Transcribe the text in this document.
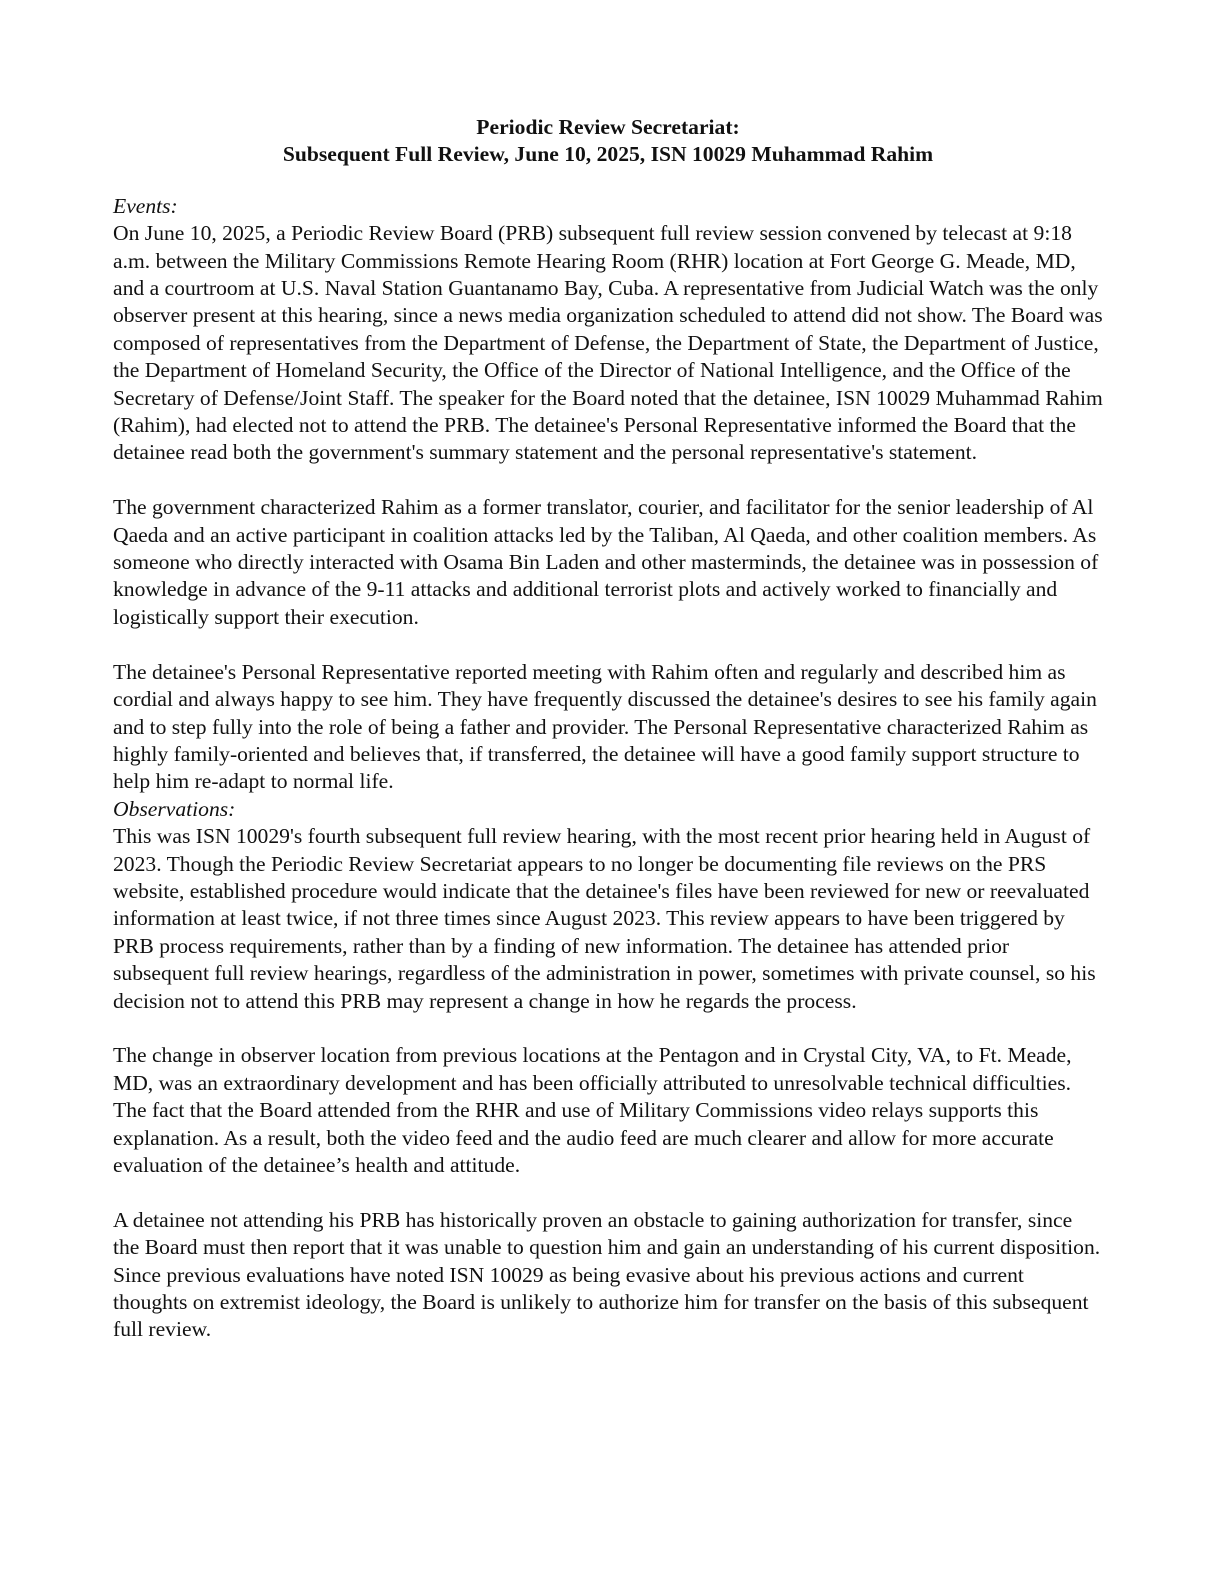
Periodic Review Secretariat:
Subsequent Full Review, June 10, 2025, ISN 10029 Muhammad Rahim
Events:

On June 10, 2025, a Periodic Review Board (PRB) subsequent full review session convened by telecast at 9:18 a.m. between the Military Commissions Remote Hearing Room (RHR) location at Fort George G. Meade, MD, and a courtroom at U.S. Naval Station Guantanamo Bay, Cuba. A representative from Judicial Watch was the only observer present at this hearing, since a news media organization scheduled to attend did not show. The Board was composed of representatives from the Department of Defense, the Department of State, the Department of Justice, the Department of Homeland Security, the Office of the Director of National Intelligence, and the Office of the Secretary of Defense/Joint Staff. The speaker for the Board noted that the detainee, ISN 10029 Muhammad Rahim (Rahim), had elected not to attend the PRB. The detainee's Personal Representative informed the Board that the detainee read both the government's summary statement and the personal representative's statement.

The government characterized Rahim as a former translator, courier, and facilitator for the senior leadership of Al Qaeda and an active participant in coalition attacks led by the Taliban, Al Qaeda, and other coalition members. As someone who directly interacted with Osama Bin Laden and other masterminds, the detainee was in possession of knowledge in advance of the 9-11 attacks and additional terrorist plots and actively worked to financially and logistically support their execution.

The detainee's Personal Representative reported meeting with Rahim often and regularly and described him as cordial and always happy to see him. They have frequently discussed the detainee's desires to see his family again and to step fully into the role of being a father and provider. The Personal Representative characterized Rahim as highly family-oriented and believes that, if transferred, the detainee will have a good family support structure to help him re-adapt to normal life.

Observations:

This was ISN 10029's fourth subsequent full review hearing, with the most recent prior hearing held in August of 2023. Though the Periodic Review Secretariat appears to no longer be documenting file reviews on the PRS website, established procedure would indicate that the detainee's files have been reviewed for new or reevaluated information at least twice, if not three times since August 2023. This review appears to have been triggered by PRB process requirements, rather than by a finding of new information. The detainee has attended prior subsequent full review hearings, regardless of the administration in power, sometimes with private counsel, so his decision not to attend this PRB may represent a change in how he regards the process.

The change in observer location from previous locations at the Pentagon and in Crystal City, VA, to Ft. Meade, MD, was an extraordinary development and has been officially attributed to unresolvable technical difficulties. The fact that the Board attended from the RHR and use of Military Commissions video relays supports this explanation. As a result, both the video feed and the audio feed are much clearer and allow for more accurate evaluation of the detainee’s health and attitude.

A detainee not attending his PRB has historically proven an obstacle to gaining authorization for transfer, since the Board must then report that it was unable to question him and gain an understanding of his current disposition. Since previous evaluations have noted ISN 10029 as being evasive about his previous actions and current thoughts on extremist ideology, the Board is unlikely to authorize him for transfer on the basis of this subsequent full review.
